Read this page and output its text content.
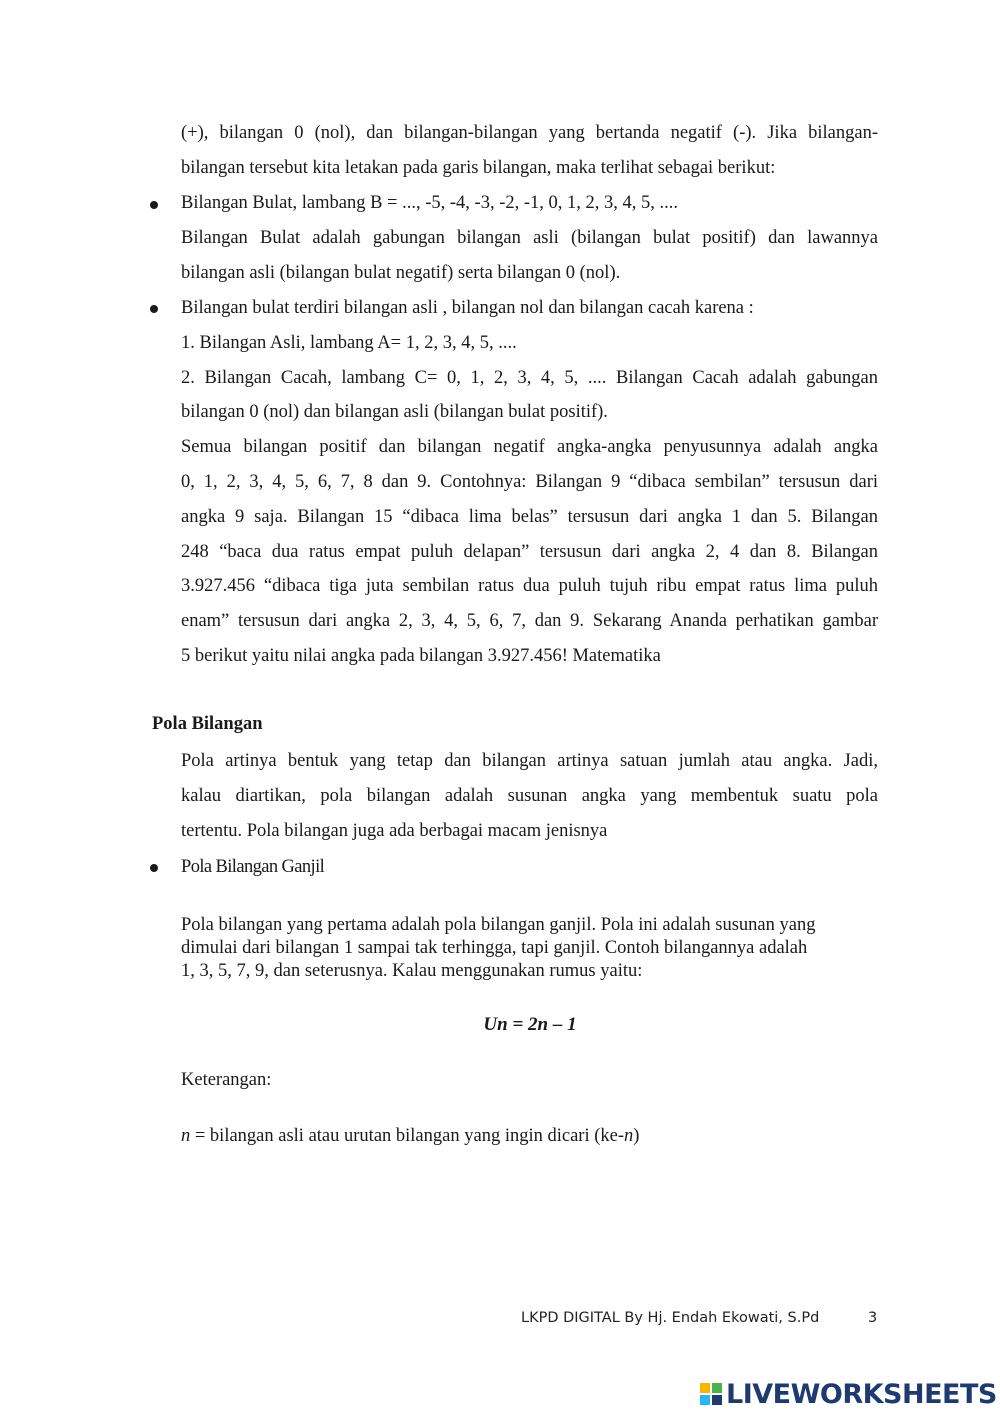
(+), bilangan 0 (nol), dan bilangan-bilangan yang bertanda negatif (-). Jika bilangan-
bilangan tersebut kita letakan pada garis bilangan, maka terlihat sebagai berikut:

Bilangan Bulat, lambang B = ..., -5, -4, -3, -2, -1, 0, 1, 2, 3, 4, 5, ....
Bilangan Bulat adalah gabungan bilangan asli (bilangan bulat positif) dan lawannya
bilangan asli (bilangan bulat negatif) serta bilangan 0 (nol).

Bilangan bulat terdiri bilangan asli , bilangan nol dan bilangan cacah karena :
1. Bilangan Asli, lambang A= 1, 2, 3, 4, 5, ....
2. Bilangan Cacah, lambang C= 0, 1, 2, 3, 4, 5, .... Bilangan Cacah adalah gabungan
bilangan 0 (nol) dan bilangan asli (bilangan bulat positif).
Semua bilangan positif dan bilangan negatif angka-angka penyusunnya adalah angka
0, 1, 2, 3, 4, 5, 6, 7, 8 dan 9. Contohnya: Bilangan 9 “dibaca sembilan” tersusun dari
angka 9 saja. Bilangan 15 “dibaca lima belas” tersusun dari angka 1 dan 5. Bilangan
248 “baca dua ratus empat puluh delapan” tersusun dari angka 2, 4 dan 8. Bilangan
3.927.456 “dibaca tiga juta sembilan ratus dua puluh tujuh ribu empat ratus lima puluh
enam” tersusun dari angka 2, 3, 4, 5, 6, 7, dan 9. Sekarang Ananda perhatikan gambar
5 berikut yaitu nilai angka pada bilangan 3.927.456! Matematika

Pola Bilangan

Pola artinya bentuk yang tetap dan bilangan artinya satuan jumlah atau angka. Jadi,
kalau diartikan, pola bilangan adalah susunan angka yang membentuk suatu pola
tertentu. Pola bilangan juga ada berbagai macam jenisnya

Pola Bilangan Ganjil

Pola bilangan yang pertama adalah pola bilangan ganjil. Pola ini adalah susunan yang
dimulai dari bilangan 1 sampai tak terhingga, tapi ganjil. Contoh bilangannya adalah
1, 3, 5, 7, 9, dan seterusnya. Kalau menggunakan rumus yaitu:

Un = 2n – 1

Keterangan:

n = bilangan asli atau urutan bilangan yang ingin dicari (ke-n)

LKPD DIGITAL By Hj. Endah Ekowati, S.Pd	3
LIVEWORKSHEETS
